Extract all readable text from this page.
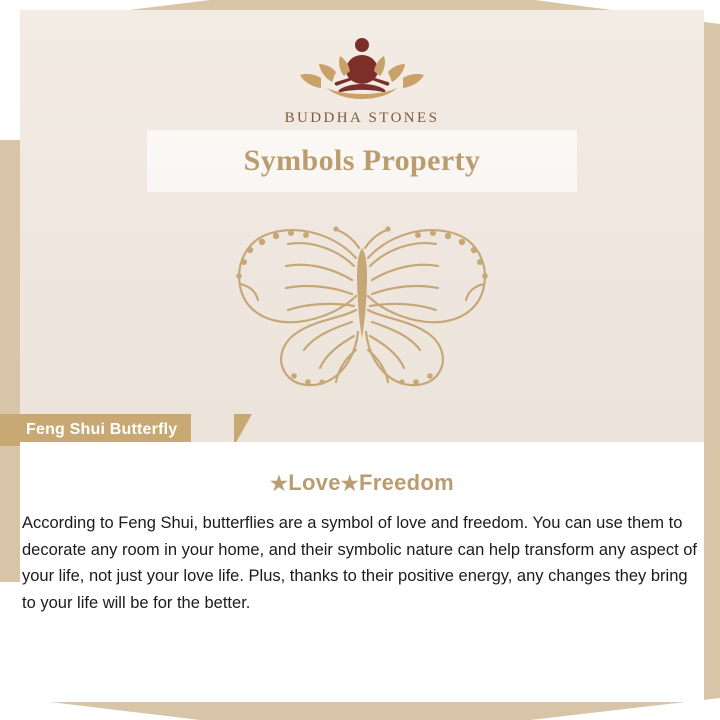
BUDDHA STONES
Symbols Property
Feng Shui Butterfly

★Love★Freedom

According to Feng Shui, butterflies are a symbol of love and freedom. You can use them to decorate any room in your home, and their symbolic nature can help transform any aspect of your life, not just your love life. Plus, thanks to their positive energy, any changes they bring to your life will be for the better.
